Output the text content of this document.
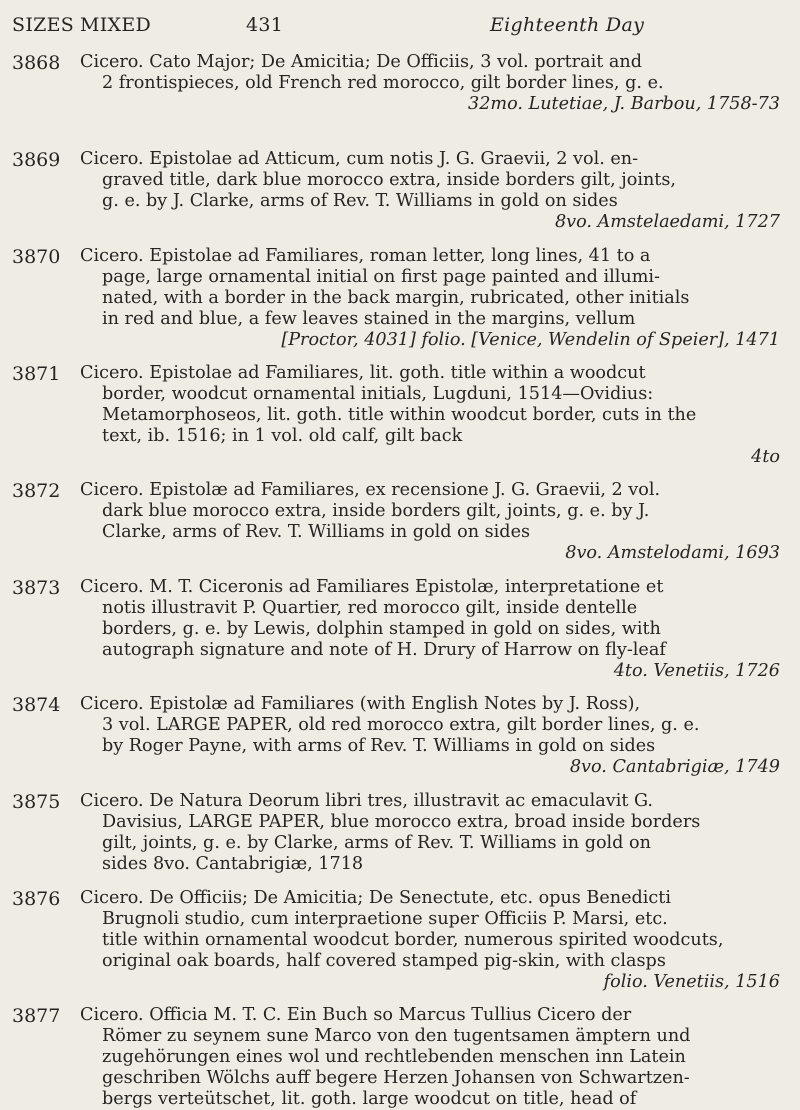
SIZES MIXED	431	Eighteenth Day
3868 Cicero. Cato Major; De Amicitia; De Officiis, 3 vol. portrait and
2 frontispieces, old French red morocco, gilt border lines, g. e.
32mo. Lutetiae, J. Barbou, 1758-73
3869 Cicero. Epistolae ad Atticum, cum notis J. G. Graevii, 2 vol. en-
graved title, dark blue morocco extra, inside borders gilt, joints,
g. e. by J. Clarke, arms of Rev. T. Williams in gold on sides
8vo. Amstelaedami, 1727
3870 Cicero. Epistolae ad Familiares, roman letter, long lines, 41 to a
page, large ornamental initial on first page painted and illumi-
nated, with a border in the back margin, rubricated, other initials
in red and blue, a few leaves stained in the margins, vellum
[Proctor, 4031] folio. [Venice, Wendelin of Speier], 1471
3871 Cicero. Epistolae ad Familiares, lit. goth. title within a woodcut
border, woodcut ornamental initials, Lugduni, 1514—Ovidius:
Metamorphoseos, lit. goth. title within woodcut border, cuts in the
text, ib. 1516; in 1 vol. old calf, gilt back
4to
3872 Cicero. Epistolæ ad Familiares, ex recensione J. G. Graevii, 2 vol.
dark blue morocco extra, inside borders gilt, joints, g. e. by J.
Clarke, arms of Rev. T. Williams in gold on sides
8vo. Amstelodami, 1693
3873 Cicero. M. T. Ciceronis ad Familiares Epistolæ, interpretatione et
notis illustravit P. Quartier, red morocco gilt, inside dentelle
borders, g. e. by Lewis, dolphin stamped in gold on sides, with
autograph signature and note of H. Drury of Harrow on fly-leaf
4to. Venetiis, 1726
3874 Cicero. Epistolæ ad Familiares (with English Notes by J. Ross),
3 vol. LARGE PAPER, old red morocco extra, gilt border lines, g. e.
by Roger Payne, with arms of Rev. T. Williams in gold on sides
8vo. Cantabrigiæ, 1749
3875 Cicero. De Natura Deorum libri tres, illustravit ac emaculavit G.
Davisius, LARGE PAPER, blue morocco extra, broad inside borders
gilt, joints, g. e. by Clarke, arms of Rev. T. Williams in gold on
sides 8vo. Cantabrigiæ, 1718
3876 Cicero. De Officiis; De Amicitia; De Senectute, etc. opus Benedicti
Brugnoli studio, cum interpraetione super Officiis P. Marsi, etc.
title within ornamental woodcut border, numerous spirited woodcuts,
original oak boards, half covered stamped pig-skin, with clasps
folio. Venetiis, 1516
3877 Cicero. Officia M. T. C. Ein Buch so Marcus Tullius Cicero der
Römer zu seynem sune Marco von den tugentsamen ämptern und
zugehörungen eines wol und rechtlebenden menschen inn Latein
geschriben Wölchs auff begere Herzen Johansen von Schwartzen-
bergs verteütschet, lit. goth. large woodcut on title, head of
